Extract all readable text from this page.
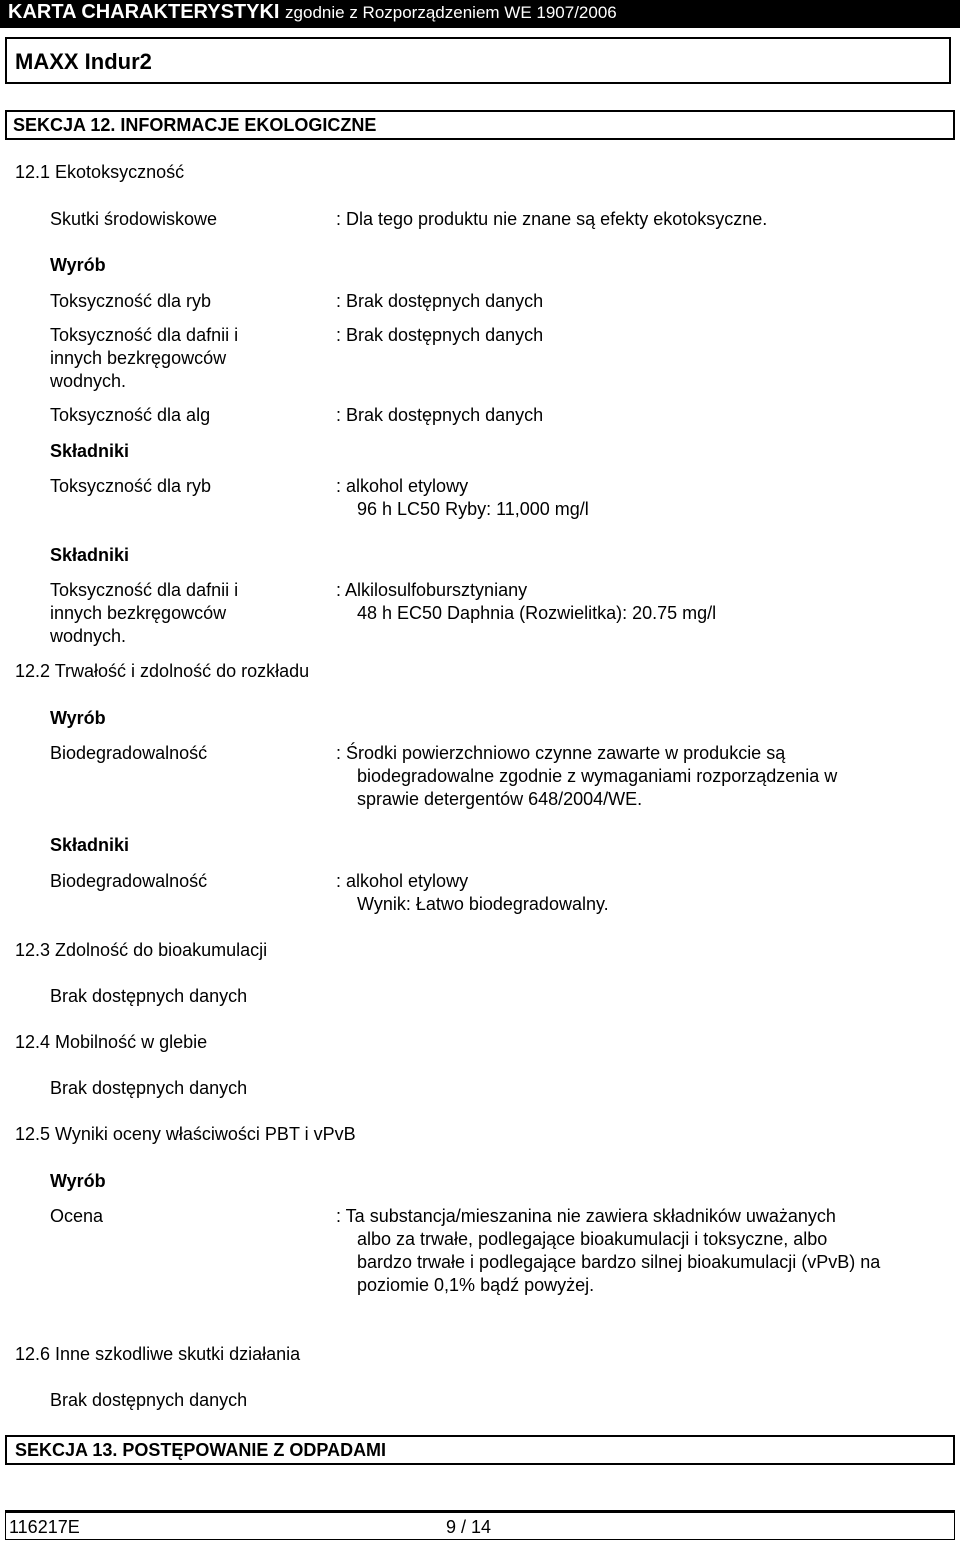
KARTA CHARAKTERYSTYKI zgodnie z Rozporządzeniem WE 1907/2006
MAXX Indur2
SEKCJA 12. INFORMACJE EKOLOGICZNE
12.1 Ekotoksyczność
Skutki środowiskowe	: Dla tego produktu nie znane są efekty ekotoksyczne.
Wyrób
Toksyczność dla ryb	: Brak dostępnych danych
Toksyczność dla dafnii i
innych bezkręgowców
wodnych.
: Brak dostępnych danych
Toksyczność dla alg	: Brak dostępnych danych
Składniki
Toksyczność dla ryb	: alkohol etylowy
96 h LC50 Ryby: 11,000 mg/l
Składniki
Toksyczność dla dafnii i
innych bezkręgowców
wodnych.
: Alkilosulfobursztyniany
48 h EC50 Daphnia (Rozwielitka): 20.75 mg/l
12.2 Trwałość i zdolność do rozkładu
Wyrób
Biodegradowalność	: Środki powierzchniowo czynne zawarte w produkcie są
biodegradowalne zgodnie z wymaganiami rozporządzenia w
sprawie detergentów 648/2004/WE.
Składniki
Biodegradowalność	: alkohol etylowy
Wynik: Łatwo biodegradowalny.
12.3 Zdolność do bioakumulacji
Brak dostępnych danych
12.4 Mobilność w glebie
Brak dostępnych danych
12.5 Wyniki oceny właściwości PBT i vPvB
Wyrób
Ocena	: Ta substancja/mieszanina nie zawiera składników uważanych
albo za trwałe, podlegające bioakumulacji i toksyczne, albo
bardzo trwałe i podlegające bardzo silnej bioakumulacji (vPvB) na
poziomie 0,1% bądź powyżej.
12.6 Inne szkodliwe skutki działania
Brak dostępnych danych
SEKCJA 13. POSTĘPOWANIE Z ODPADAMI
116217E	9 / 14
